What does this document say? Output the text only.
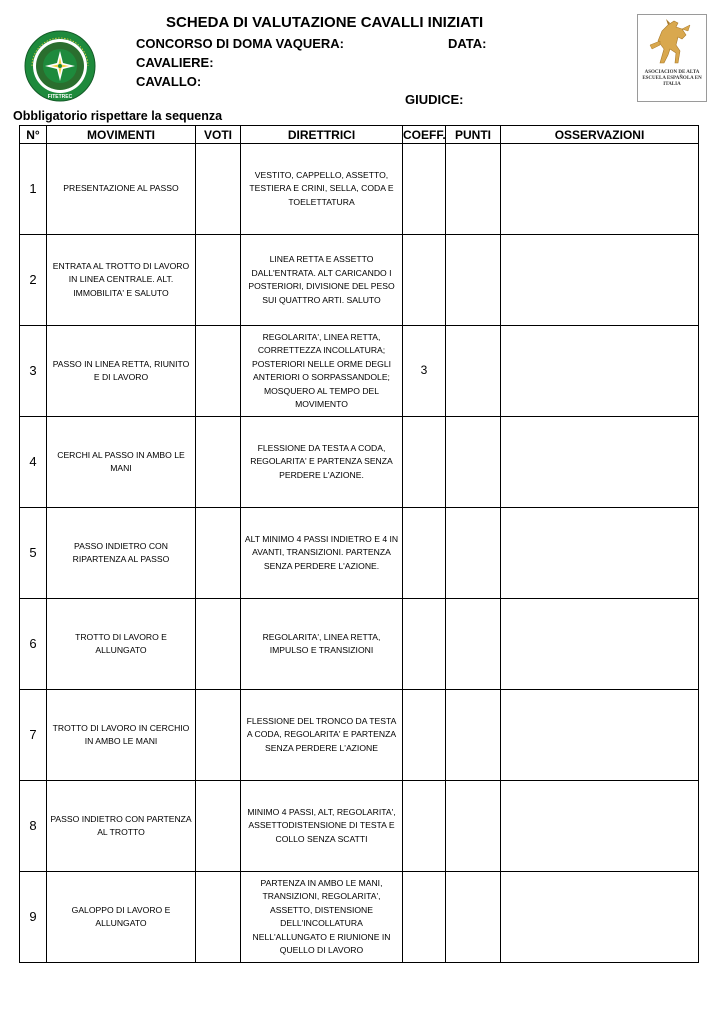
FITETREC
SCHEDA DI VALUTAZIONE CAVALLI INIZIATI
CONCORSO DI DOMA VAQUERA:	DATA:
CAVALIERE:
CAVALLO:
GIUDICE:
ASOCIACION DE ALTA ESCUELA ESPAÑOLA EN ITALIA
Obbligatorio rispettare la sequenza
N°	MOVIMENTI	VOTI	DIRETTRICI	COEFF.	PUNTI	OSSERVAZIONI
1	PRESENTAZIONE AL PASSO		VESTITO, CAPPELLO, ASSETTO, TESTIERA E CRINI, SELLA, CODA E TOELETTATURA			
2	ENTRATA AL TROTTO DI LAVORO IN LINEA CENTRALE. ALT. IMMOBILITA' E SALUTO		LINEA RETTA E ASSETTO DALL'ENTRATA. ALT CARICANDO I POSTERIORI, DIVISIONE DEL PESO SUI QUATTRO ARTI. SALUTO			
3	PASSO IN LINEA RETTA, RIUNITO E DI LAVORO		REGOLARITA', LINEA RETTA, CORRETTEZZA INCOLLATURA; POSTERIORI NELLE ORME DEGLI ANTERIORI O SORPASSANDOLE; MOSQUERO AL TEMPO DEL MOVIMENTO	3		
4	CERCHI AL PASSO IN AMBO LE MANI		FLESSIONE DA TESTA A CODA, REGOLARITA' E PARTENZA SENZA PERDERE L'AZIONE.			
5	PASSO INDIETRO CON RIPARTENZA AL PASSO		ALT MINIMO 4 PASSI INDIETRO E 4 IN AVANTI, TRANSIZIONI. PARTENZA SENZA PERDERE L'AZIONE.			
6	TROTTO DI LAVORO E ALLUNGATO		REGOLARITA', LINEA RETTA, IMPULSO E TRANSIZIONI			
7	TROTTO DI LAVORO IN CERCHIO IN AMBO LE MANI		FLESSIONE DEL TRONCO DA TESTA A CODA, REGOLARITA' E PARTENZA SENZA PERDERE L'AZIONE			
8	PASSO INDIETRO CON PARTENZA AL TROTTO		MINIMO 4 PASSI, ALT, REGOLARITA', ASSETTODISTENSIONE DI TESTA E COLLO SENZA SCATTI			
9	GALOPPO DI LAVORO E ALLUNGATO		PARTENZA IN AMBO LE MANI, TRANSIZIONI, REGOLARITA', ASSETTO, DISTENSIONE DELL'INCOLLATURA NELL'ALLUNGATO E RIUNIONE IN QUELLO DI LAVORO			
